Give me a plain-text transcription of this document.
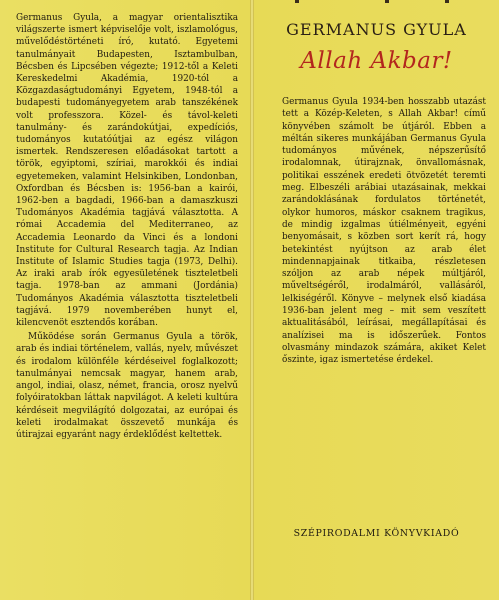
Germanus Gyula, a magyar orientalisztika világszerte ismert képviselője volt, iszlamológus, művelődéstörténeti író, kutató. Egyetemi tanulmányait Budapesten, Isztambulban, Bécsben és Lipcsében végezte; 1912-től a Keleti Kereskedelmi Akadémia, 1920-tól a Közgazdaságtudományi Egyetem, 1948-tól a budapesti tudományegyetem arab tanszékének volt professzora. Közel- és távol-keleti tanulmány- és zarándokútjai, expedíciós, tudományos kutatóútjai az egész világon ismertek. Rendszeresen előadásokat tartott a török, egyiptomi, szíriai, marokkói és indiai egyetemeken, valamint Helsinkiben, Londonban, Oxfordban és Bécsben is: 1956-ban a kairói, 1962-ben a bagdadi, 1966-ban a damaszkuszi Tudományos Akadémia tagjává választotta. A római Accademia del Mediterraneo, az Accademia Leonardo da Vinci és a londoni Institute for Cultural Research tagja. Az Indian Institute of Islamic Studies tagja (1973, Delhi). Az iraki arab írók egyesületének tiszteletbeli tagja. 1978-ban az ammani (Jordánia) Tudományos Akadémia választotta tiszteletbeli tagjává. 1979 novemberében hunyt el, kilencvenöt esztendős korában.

Működése során Germanus Gyula a török, arab és indiai történelem, vallás, nyelv, művészet és irodalom különféle kérdéseivel foglalkozott; tanulmányai nemcsak magyar, hanem arab, angol, indiai, olasz, német, francia, orosz nyelvű folyóiratokban láttak napvilágot. A keleti kultúra kérdéseit megvilágító dolgozatai, az európai és keleti irodalmakat összevető munkája és útirajzai egyaránt nagy érdeklődést keltettek.

GERMANUS GYULA
Allah Akbar!

Germanus Gyula 1934-ben hosszabb utazást tett a Közép-Keleten, s Allah Akbar! című könyvében számolt be útjáról. Ebben a méltán sikeres munkájában Germanus Gyula tudományos művének, népszerűsítő irodalomnak, útirajznak, önvallomásnak, politikai esszének eredeti ötvözetét teremti meg. Elbeszéli arábiai utazásainak, mekkai zarándoklásának fordulatos történetét, olykor humoros, máskor csaknem tragikus, de mindig izgalmas útiélményeit, egyéni benyomásait, s közben sort kerít rá, hogy betekintést nyújtson az arab élet mindennapjainak titkaiba, részletesen szóljon az arab népek múltjáról, műveltségéről, irodalmáról, vallásáról, lelkiségéről. Könyve – melynek első kiadása 1936-ban jelent meg – mit sem veszített aktualitásából, leírásai, megállapításai és analízisei ma is időszerűek. Fontos olvasmány mindazok számára, akiket Kelet őszinte, igaz ismertetése érdekel.

SZÉPIRODALMI KÖNYVKIADÓ
